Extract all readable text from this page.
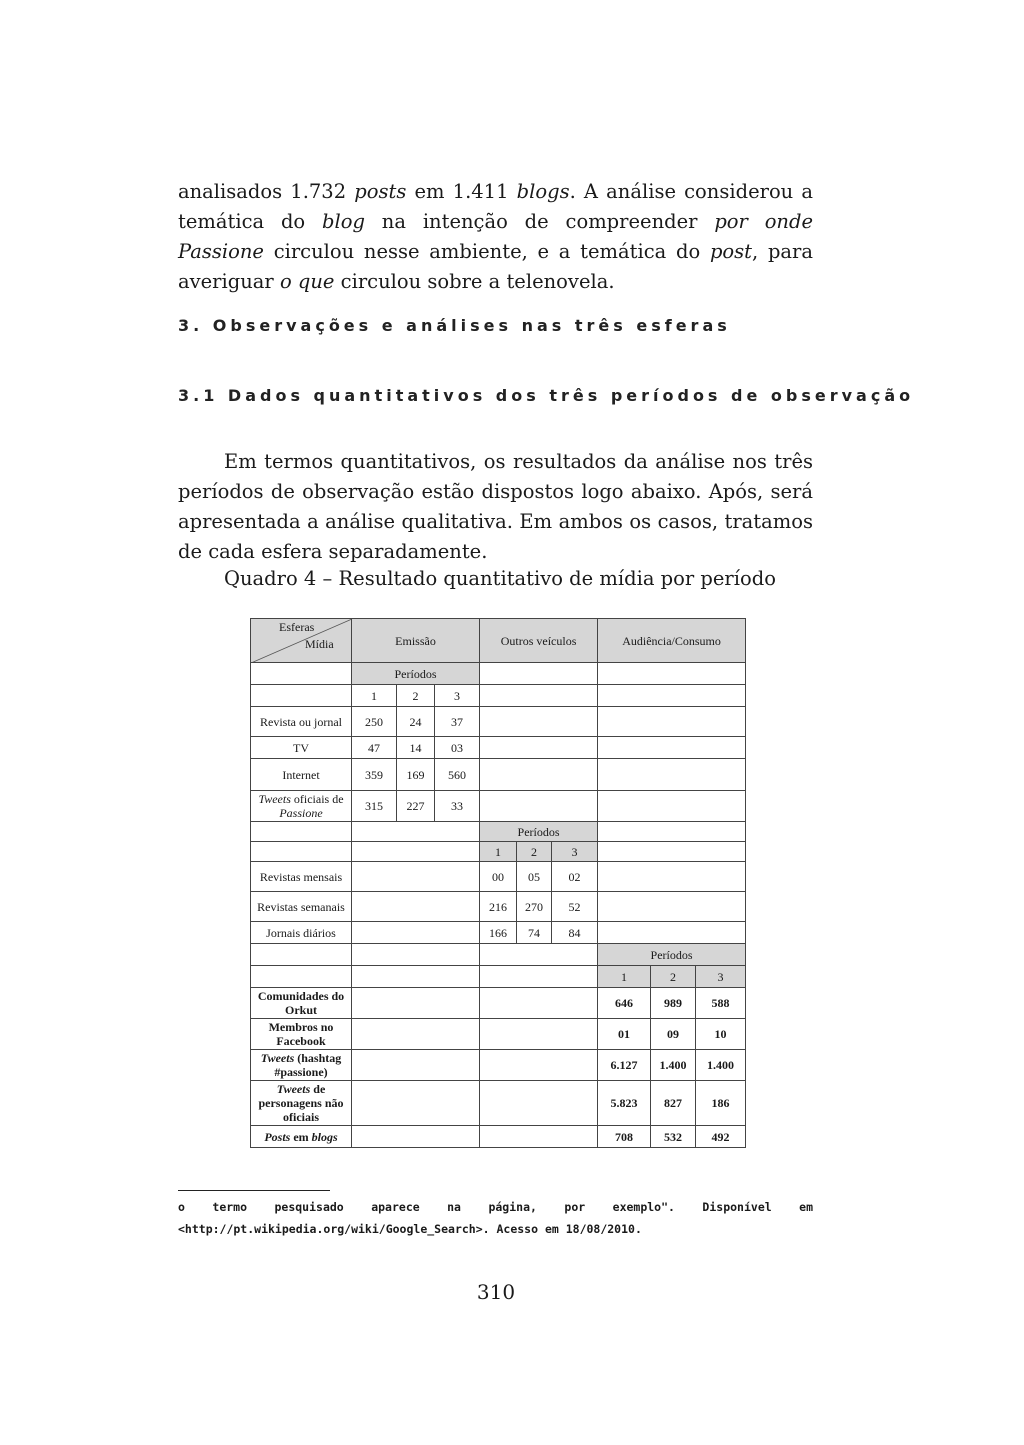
analisados 1.732 posts em 1.411 blogs. A análise considerou a temática do blog na intenção de compreender por onde Passione circulou nesse ambiente, e a temática do post, para averiguar o que circulou sobre a telenovela.

3. Observações e análises nas três esferas
3.1 Dados quantitativos dos três períodos de observação

Em termos quantitativos, os resultados da análise nos três períodos de observação estão dispostos logo abaixo. Após, será apresentada a análise qualitativa. Em ambos os casos, tratamos de cada esfera separadamente.

Quadro 4 – Resultado quantitativo de mídia por período

Esferas
Mídia	Emissão			Outros veículos			Audiência/Consumo		
	Períodos								
	1	2	3						
Revista ou jornal	250	24	37						
TV	47	14	03						
Internet	359	169	560						
Tweets oficiais de Passione	315	227	33						
				Períodos					
				1	2	3			
Revistas mensais				00	05	02			
Revistas semanais				216	270	52			
Jornais diários				166	74	84			
							Períodos		
							1	2	3
Comunidades do Orkut							646	989	588
Membros no Facebook							01	09	10
Tweets (hashtag #passione)							6.127	1.400	1.400
Tweets de personagens não oficiais							5.823	827	186
Posts em blogs							708	532	492

o termo pesquisado aparece na página, por exemplo". Disponível em <http://pt.wikipedia.org/wiki/Google_Search>. Acesso em 18/08/2010.

310
